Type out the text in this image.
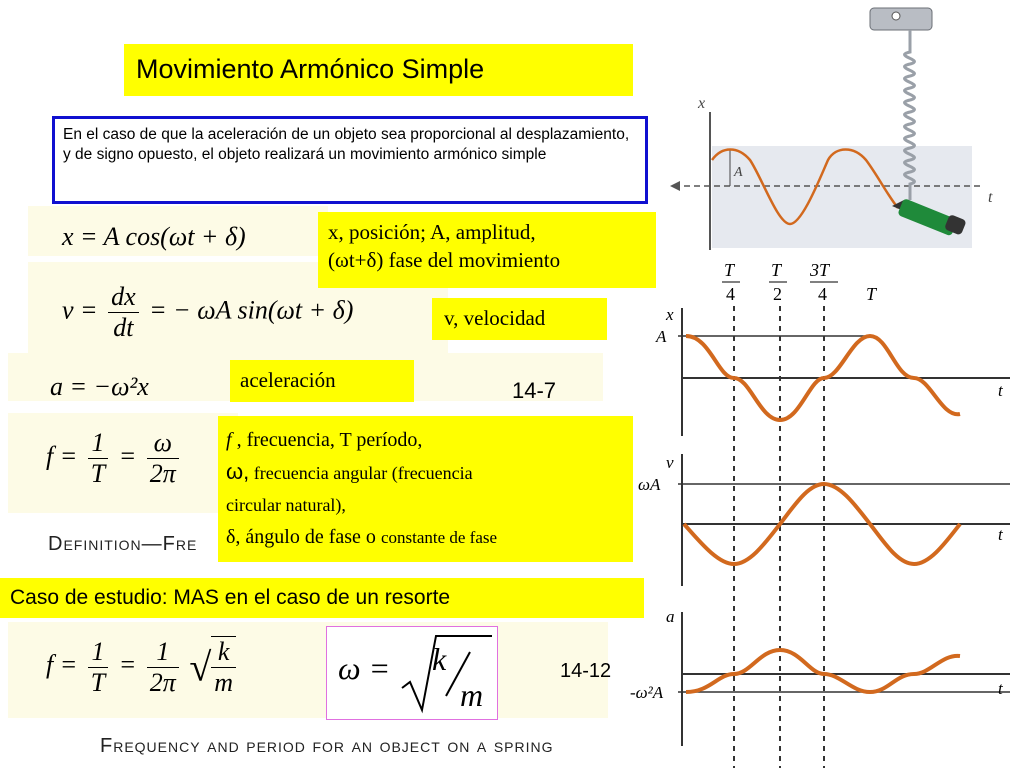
Movimiento Armónico Simple
En el caso de que la aceleración de un objeto sea proporcional al desplazamiento, y de signo opuesto, el objeto realizará un movimiento armónico simple
x = A cos(ωt + δ)
$v = \frac{dx}{dt}$ = − ωA sin(ωt + δ)
a = −ω²x	14-7
$f = \frac{1}{T} = \frac{\omega}{2\pi}$
Definition—Fre
x, posición; A, amplitud,
(ωt+δ) fase del movimiento
v, velocidad
aceleración
f , frecuencia, T período,
ω, frecuencia angular (frecuencia
circular natural),
δ, ángulo de fase o constante de fase
Caso de estudio: MAS en el caso de un resorte
$f = \frac{1}{T} = \frac{1}{2\pi}$ √ $\frac{k}{m}$	14-12
ω = k
m
Frequency and period for an object on a spring
x
t
A
T
4
T
2
3T
4 T
x
A
t
v
ωA
t
a
-ω²A	t
